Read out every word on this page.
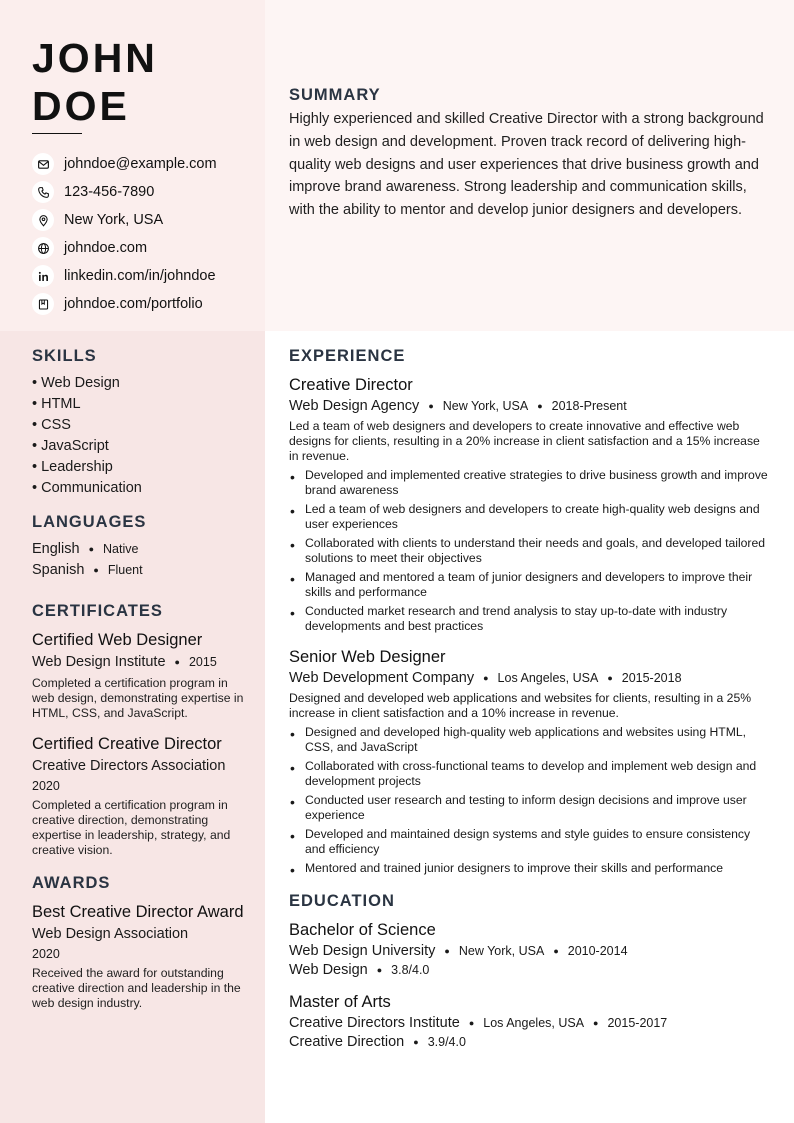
JOHN
DOE
johndoe@example.com
123-456-7890
New York, USA
johndoe.com
linkedin.com/in/johndoe
johndoe.com/portfolio
SUMMARY

Highly experienced and skilled Creative Director with a strong background in web design and development. Proven track record of delivering high-quality web designs and user experiences that drive business growth and improve brand awareness. Strong leadership and communication skills, with the ability to mentor and develop junior designers and developers.

SKILLS
• Web Design
• HTML
• CSS
• JavaScript
• Leadership
• Communication
LANGUAGES
English ● Native
Spanish ● Fluent
CERTIFICATES
Certified Web Designer
Web Design Institute ● 2015
Completed a certification program in web design, demonstrating expertise in HTML, CSS, and JavaScript.
Certified Creative Director
Creative Directors Association
2020
Completed a certification program in creative direction, demonstrating expertise in leadership, strategy, and creative vision.
AWARDS
Best Creative Director Award
Web Design Association
2020
Received the award for outstanding creative direction and leadership in the web design industry.
EXPERIENCE
Creative Director
Web Design Agency ● New York, USA ● 2018-Present
Led a team of web designers and developers to create innovative and effective web designs for clients, resulting in a 20% increase in client satisfaction and a 15% increase in revenue.
• Developed and implemented creative strategies to drive business growth and improve brand awareness
• Led a team of web designers and developers to create high-quality web designs and user experiences
• Collaborated with clients to understand their needs and goals, and developed tailored solutions to meet their objectives
• Managed and mentored a team of junior designers and developers to improve their skills and performance
• Conducted market research and trend analysis to stay up-to-date with industry developments and best practices
Senior Web Designer
Web Development Company ● Los Angeles, USA ● 2015-2018
Designed and developed web applications and websites for clients, resulting in a 25% increase in client satisfaction and a 10% increase in revenue.
• Designed and developed high-quality web applications and websites using HTML, CSS, and JavaScript
• Collaborated with cross-functional teams to develop and implement web design and development projects
• Conducted user research and testing to inform design decisions and improve user experience
• Developed and maintained design systems and style guides to ensure consistency and efficiency
• Mentored and trained junior designers to improve their skills and performance
EDUCATION
Bachelor of Science
Web Design University ● New York, USA ● 2010-2014
Web Design ● 3.8/4.0
Master of Arts
Creative Directors Institute ● Los Angeles, USA ● 2015-2017
Creative Direction ● 3.9/4.0
